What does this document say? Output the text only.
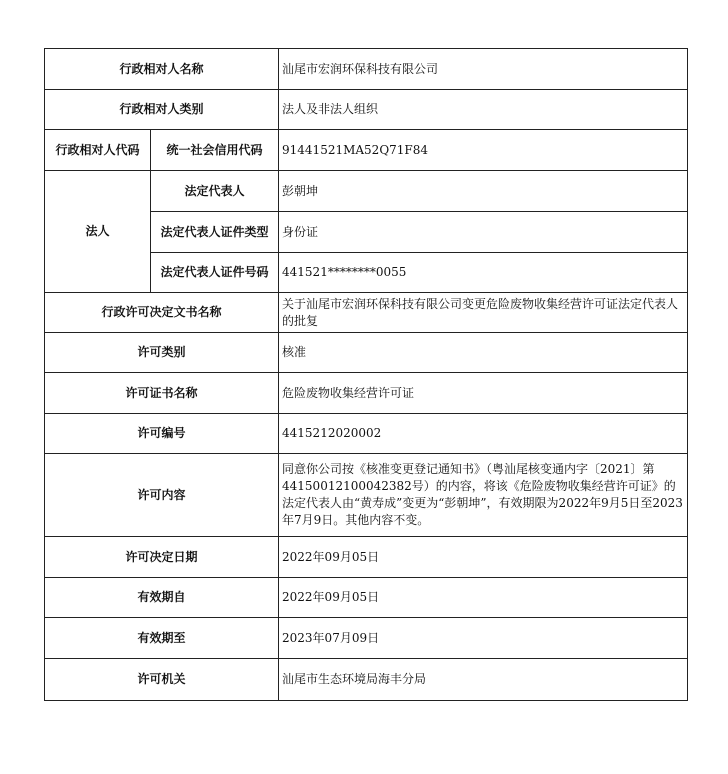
行政相对人名称		汕尾市宏润环保科技有限公司
行政相对人类别		法人及非法人组织
行政相对人代码	统一社会信用代码	91441521MA52Q71F84
法人	法定代表人	彭朝坤
	法定代表人证件类型	身份证
	法定代表人证件号码	441521********0055
行政许可决定文书名称		关于汕尾市宏润环保科技有限公司变更危险废物收集经营许可证法定代表人的批复
许可类别		核准
许可证书名称		危险废物收集经营许可证
许可编号		4415212020002
许可内容		同意你公司按《核准变更登记通知书》（粤汕尾核变通内字〔2021〕第44150012100042382号）的内容，将该《危险废物收集经营许可证》的法定代表人由“黄寿成”变更为“彭朝坤”，有效期限为2022年9月5日至2023年7月9日。其他内容不变。
许可决定日期		2022年09月05日
有效期自		2022年09月05日
有效期至		2023年07月09日
许可机关		汕尾市生态环境局海丰分局
